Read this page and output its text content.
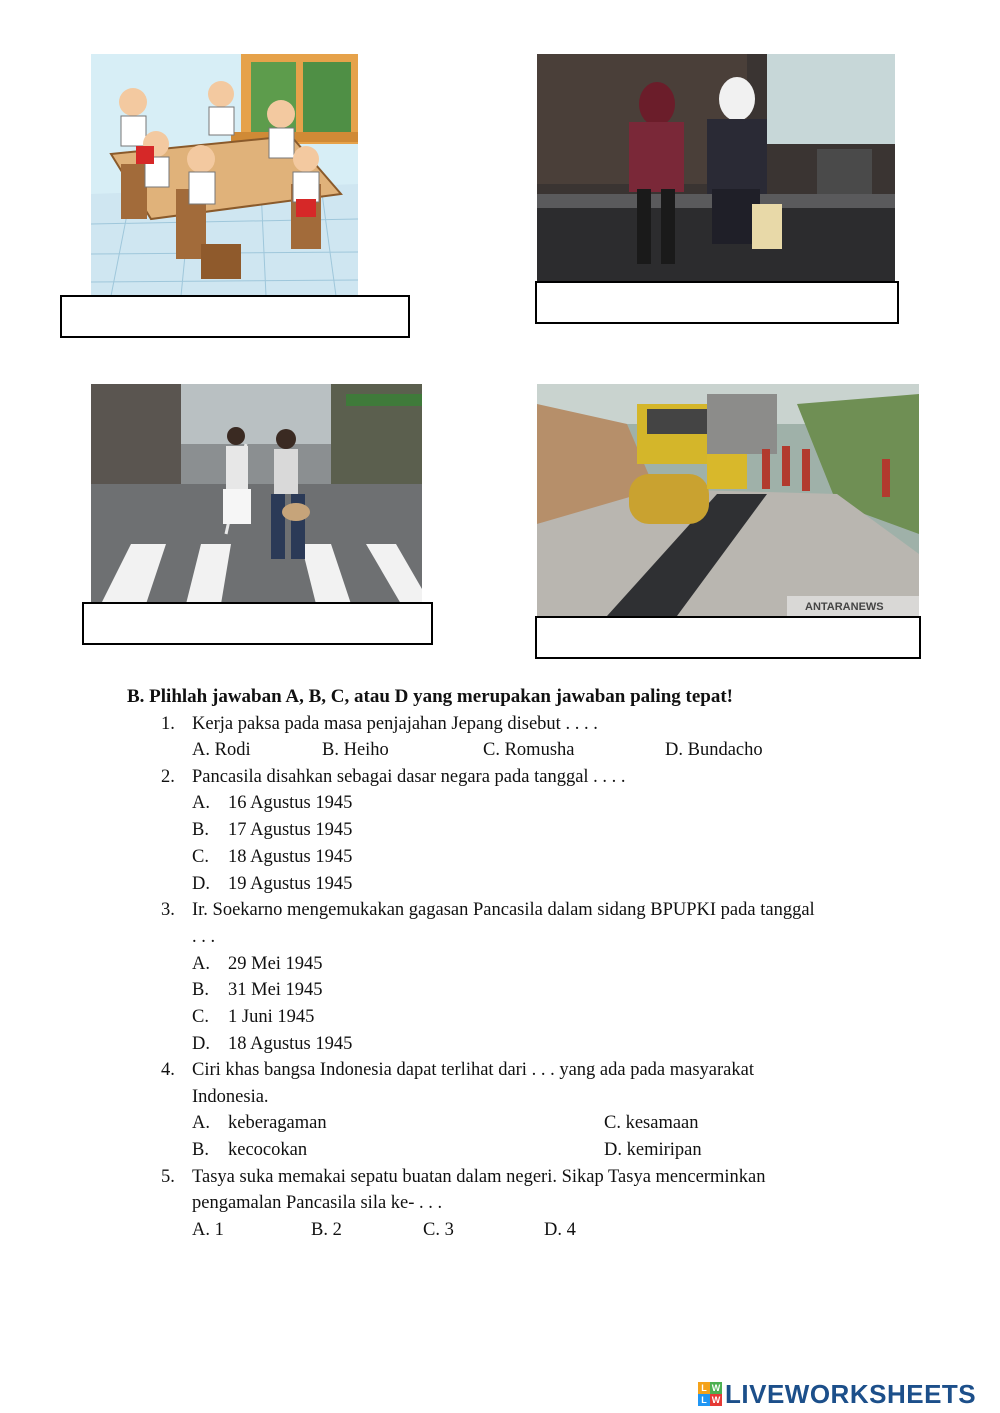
ANTARANEWS
B. Plihlah jawaban A, B, C, atau D yang merupakan jawaban paling tepat!
1. Kerja paksa pada masa penjajahan Jepang disebut . . . .
A. Rodi	B. Heiho	C. Romusha	D. Bundacho
2. Pancasila disahkan sebagai dasar negara pada tanggal . . . .
A. 16 Agustus 1945
B. 17 Agustus 1945
C. 18 Agustus 1945
D. 19 Agustus 1945
3. Ir. Soekarno mengemukakan gagasan Pancasila dalam sidang BPUPKI pada tanggal
. . .
A. 29 Mei 1945
B. 31 Mei 1945
C. 1 Juni 1945
D. 18 Agustus 1945
4. Ciri khas bangsa Indonesia dapat terlihat dari . . . yang ada pada masyarakat
Indonesia.
A. keberagaman	C. kesamaan
B. kecocokan	D. kemiripan
5. Tasya suka memakai sepatu buatan dalam negeri. Sikap Tasya mencerminkan
pengamalan Pancasila sila ke- . . .
A. 1	B. 2	C. 3	D. 4
L W
L W LIVEWORKSHEETS
